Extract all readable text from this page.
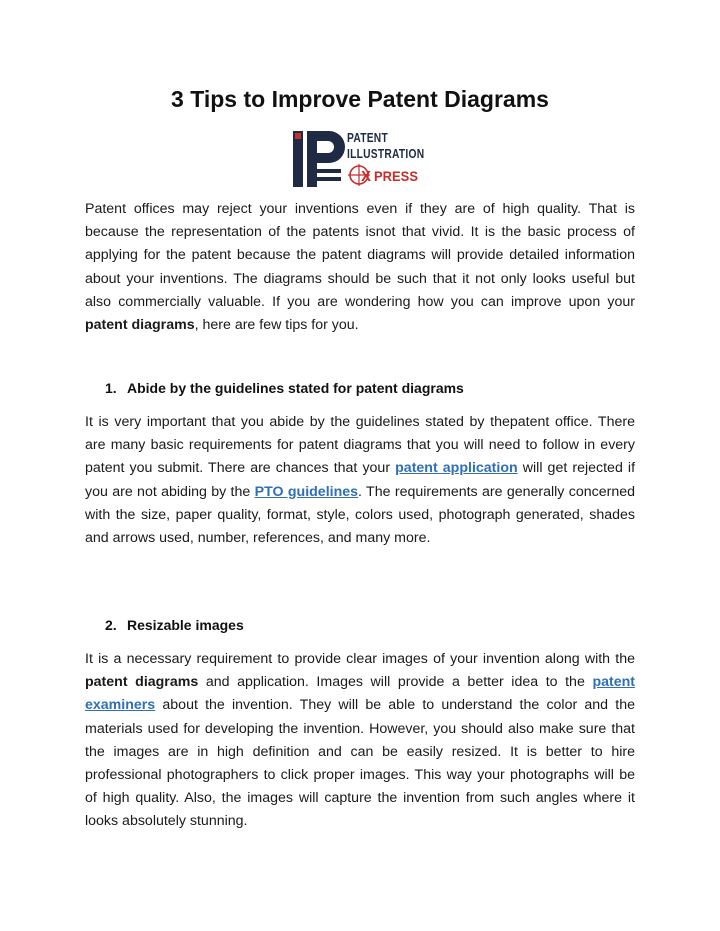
3 Tips to Improve Patent Diagrams
PATENT
ILLUSTRATION
X PRESS

Patent offices may reject your inventions even if they are of high quality. That is because the representation of the patents isnot that vivid. It is the basic process of applying for the patent because the patent diagrams will provide detailed information about your inventions. The diagrams should be such that it not only looks useful but also commercially valuable. If you are wondering how you can improve upon your patent diagrams, here are few tips for you.

1. Abide by the guidelines stated for patent diagrams

It is very important that you abide by the guidelines stated by thepatent office. There are many basic requirements for patent diagrams that you will need to follow in every patent you submit. There are chances that your patent application will get rejected if you are not abiding by the PTO guidelines. The requirements are generally concerned with the size, paper quality, format, style, colors used, photograph generated, shades and arrows used, number, references, and many more.

2. Resizable images

It is a necessary requirement to provide clear images of your invention along with the patent diagrams and application. Images will provide a better idea to the patent examiners about the invention. They will be able to understand the color and the materials used for developing the invention. However, you should also make sure that the images are in high definition and can be easily resized. It is better to hire professional photographers to click proper images. This way your photographs will be of high quality. Also, the images will capture the invention from such angles where it looks absolutely stunning.
